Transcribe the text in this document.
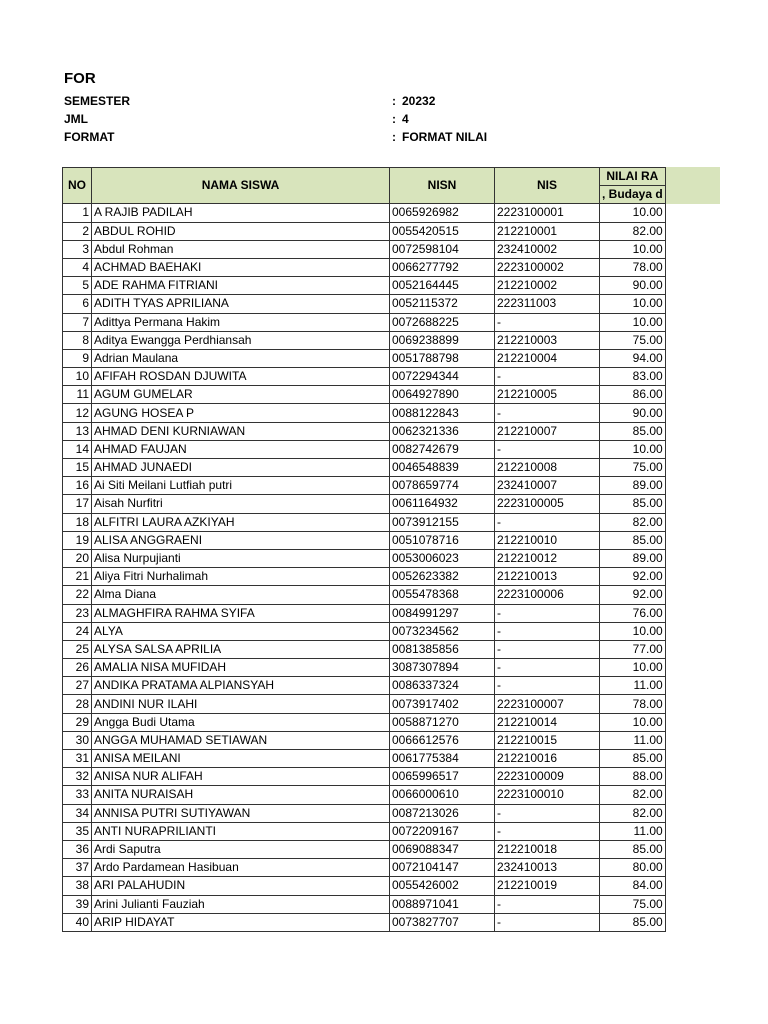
FOR
SEMESTER	: 20232
JML	: 4
FORMAT	: FORMAT NILAI
NO	NAMA SISWA	NISN	NIS	NILAI RA
				, Budaya d
1	A RAJIB PADILAH	0065926982	2223100001	10.00
2	ABDUL ROHID	0055420515	212210001	82.00
3	Abdul Rohman	0072598104	232410002	10.00
4	ACHMAD BAEHAKI	0066277792	2223100002	78.00
5	ADE RAHMA FITRIANI	0052164445	212210002	90.00
6	ADITH TYAS APRILIANA	0052115372	222311003	10.00
7	Adittya Permana Hakim	0072688225	-	10.00
8	Aditya Ewangga Perdhiansah	0069238899	212210003	75.00
9	Adrian Maulana	0051788798	212210004	94.00
10	AFIFAH ROSDAN DJUWITA	0072294344	-	83.00
11	AGUM GUMELAR	0064927890	212210005	86.00
12	AGUNG HOSEA P	0088122843	-	90.00
13	AHMAD DENI KURNIAWAN	0062321336	212210007	85.00
14	AHMAD FAUJAN	0082742679	-	10.00
15	AHMAD JUNAEDI	0046548839	212210008	75.00
16	Ai Siti Meilani Lutfiah putri	0078659774	232410007	89.00
17	Aisah Nurfitri	0061164932	2223100005	85.00
18	ALFITRI LAURA AZKIYAH	0073912155	-	82.00
19	ALISA ANGGRAENI	0051078716	212210010	85.00
20	Alisa Nurpujianti	0053006023	212210012	89.00
21	Aliya Fitri Nurhalimah	0052623382	212210013	92.00
22	Alma Diana	0055478368	2223100006	92.00
23	ALMAGHFIRA RAHMA SYIFA	0084991297	-	76.00
24	ALYA	0073234562	-	10.00
25	ALYSA SALSA APRILIA	0081385856	-	77.00
26	AMALIA NISA MUFIDAH	3087307894	-	10.00
27	ANDIKA PRATAMA ALPIANSYAH	0086337324	-	11.00
28	ANDINI NUR ILAHI	0073917402	2223100007	78.00
29	Angga Budi Utama	0058871270	212210014	10.00
30	ANGGA MUHAMAD SETIAWAN	0066612576	212210015	11.00
31	ANISA MEILANI	0061775384	212210016	85.00
32	ANISA NUR ALIFAH	0065996517	2223100009	88.00
33	ANITA NURAISAH	0066000610	2223100010	82.00
34	ANNISA PUTRI SUTIYAWAN	0087213026	-	82.00
35	ANTI NURAPRILIANTI	0072209167	-	11.00
36	Ardi Saputra	0069088347	212210018	85.00
37	Ardo Pardamean Hasibuan	0072104147	232410013	80.00
38	ARI PALAHUDIN	0055426002	212210019	84.00
39	Arini Julianti Fauziah	0088971041	-	75.00
40	ARIP HIDAYAT	0073827707	-	85.00
